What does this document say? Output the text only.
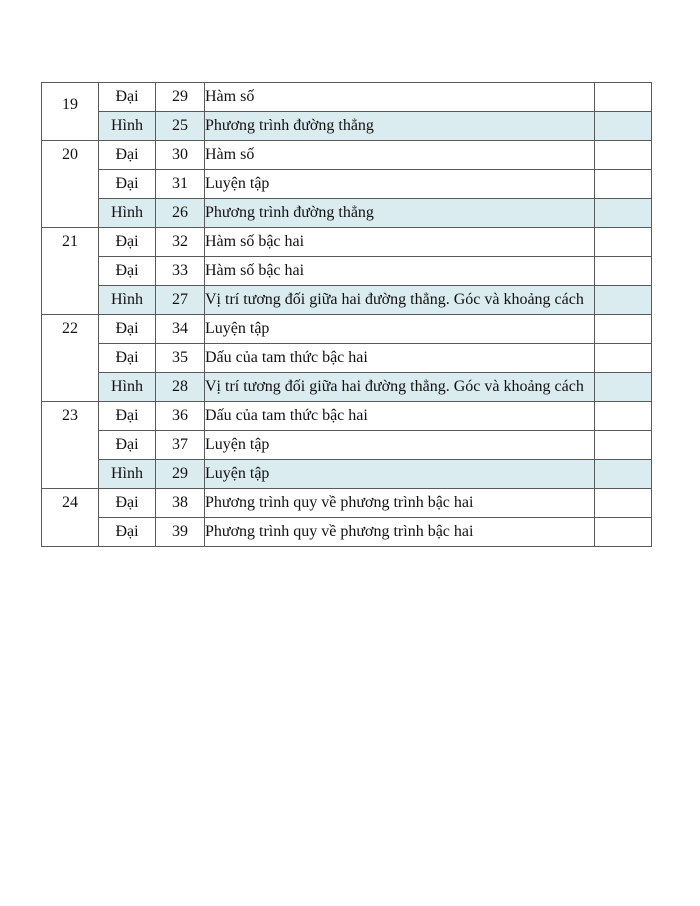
19	Đại	29	Hàm số	
	Hình	25	Phương trình đường thẳng	
20	Đại	30	Hàm số	
	Đại	31	Luyện tập	
	Hình	26	Phương trình đường thẳng	
21	Đại	32	Hàm số bậc hai	
	Đại	33	Hàm số bậc hai	
	Hình	27	Vị trí tương đối giữa hai đường thẳng. Góc và khoảng cách	
22	Đại	34	Luyện tập	
	Đại	35	Dấu của tam thức bậc hai	
	Hình	28	Vị trí tương đối giữa hai đường thẳng. Góc và khoảng cách	
23	Đại	36	Dấu của tam thức bậc hai	
	Đại	37	Luyện tập	
	Hình	29	Luyện tập	
24	Đại	38	Phương trình quy về phương trình bậc hai	
	Đại	39	Phương trình quy về phương trình bậc hai	
